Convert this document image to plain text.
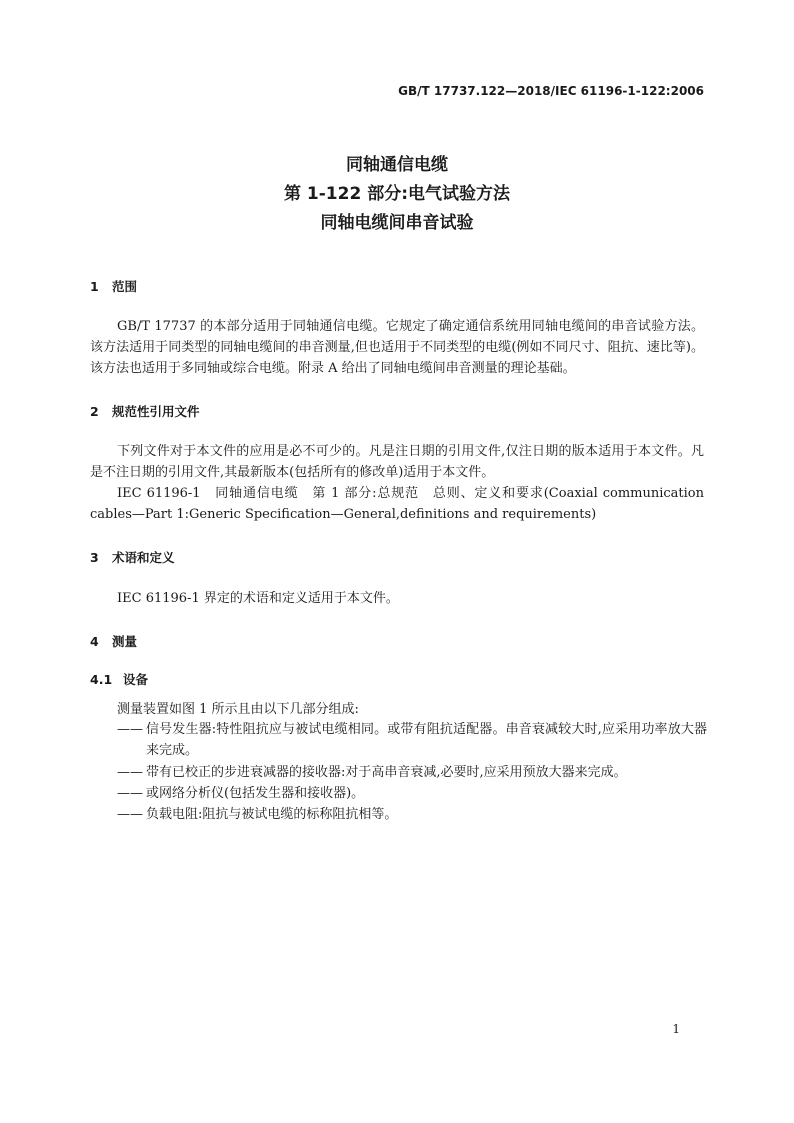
GB/T 17737.122—2018/IEC 61196-1-122:2006
同轴通信电缆
第 1-122 部分:电气试验方法
同轴电缆间串音试验
1 范围
GB/T 17737 的本部分适用于同轴通信电缆。它规定了确定通信系统用同轴电缆间的串音试验方法。该方法适用于同类型的同轴电缆间的串音测量,但也适用于不同类型的电缆(例如不同尺寸、阻抗、速比等)。该方法也适用于多同轴或综合电缆。附录 A 给出了同轴电缆间串音测量的理论基础。
2 规范性引用文件
下列文件对于本文件的应用是必不可少的。凡是注日期的引用文件,仅注日期的版本适用于本文件。凡是不注日期的引用文件,其最新版本(包括所有的修改单)适用于本文件。
IEC 61196-1　同轴通信电缆　第 1 部分:总规范　总则、定义和要求(Coaxial communication cables—Part 1:Generic Specification—General,definitions and requirements)
3 术语和定义
IEC 61196-1 界定的术语和定义适用于本文件。
4 测量
4.1 设备
测量装置如图 1 所示且由以下几部分组成:
—— 信号发生器:特性阻抗应与被试电缆相同。或带有阻抗适配器。串音衰减较大时,应采用功率放大器来完成。
—— 带有已校正的步进衰减器的接收器:对于高串音衰减,必要时,应采用预放大器来完成。
—— 或网络分析仪(包括发生器和接收器)。
—— 负载电阻:阻抗与被试电缆的标称阻抗相等。
1
